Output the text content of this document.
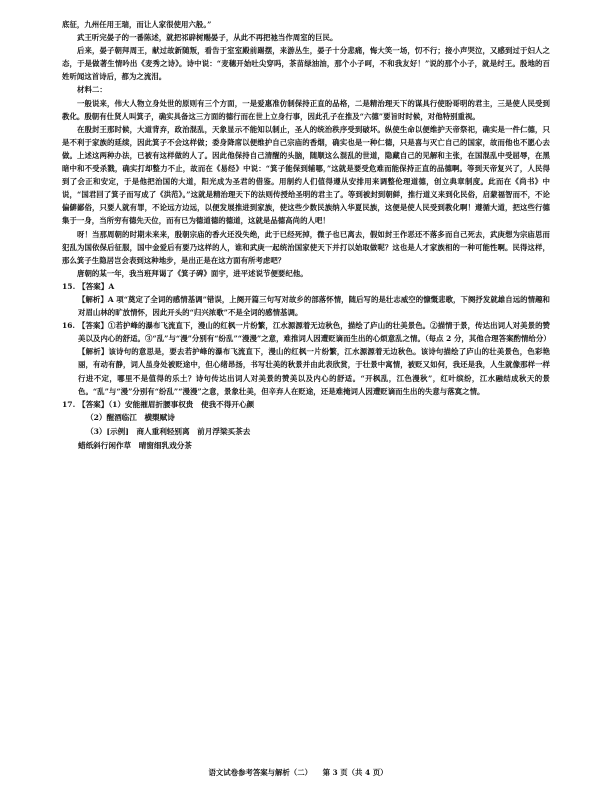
底征，九州任用王瑞，而让人家很使用六般。”

武王听完晏子的一番陈述，就把祁辟树赐晏子，从此不再把祂当作周室的巨民。

后来，晏子朝拜周王，献过故新随叛，看告于室室殿前踢摆，来游丛生，晏子十分悲痛，悔大笑一场，忉不行；接小声哭泣，又感到过于妇人之态，于是做著生情吟出《麦秀之诗》。诗中说：“麦穗开始吐尖穿吗，茶苗绿油油，那个小子呵，不和我友好！”说的那个小子，就是纣王。殷地的百姓听闻这首诗后，都为之流泪。

材料二：

一般说来，伟大人物立身处世的原则有三个方面，一是爱惠准仿制保持正直的品格，二是精治理天下的谋具行使盼哥明的君主，三是使人民受到教化。殷朝有仕贤人叫箕子，确实具备这三方面的德行而在世上立身行事，因此孔子在推及“六德”要旨时时候，对他特别重视。

在殷封王那时候，大道背弃，政治混乱，天象显示不能知以制止，圣人的统治秩序受到破坏。纵使生命以便维护天帝祭祀，确实是一件仁德，只是不利于家族的延续，因此箕子不会这样做；委身降席以便维护自己宗庙的香烟，确实也是一种仁德，只是喜与灭亡自己的国家，故而他也不愿心去做。上述这两种办法，已被有这样做的人了。因此他保持自己清醒的头脑，随顺这么混乱的世道，隐藏自己的见解和主张，在国混乱中受屈辱，在黑暗中和不受杀戮，确实打却整力不止，故而在《易经》中说：“箕子能保到辅哪，”这就是要受危难而能保持正直的品德啊。等到天帝复兴了，人民得到了会正和安定，于是他把治国的大道，阳光成为圣君的借鉴。用制约人们值得遵从安排用来调整伦理道德，创立典章制度。此而在《尚书》中说，“国君回了箕子而写成了《洪范》。”这就是精治理天下的法则传授给圣明的君主了。等到被封到朝鲜，推行道义来到化民俗，启蒙福智而不，不论偏僻鄙俗，只要人就有罪，不论远方边远，以便发展推进到家族，使这些少数民族纳入华夏民族，这便是使人民受到教化啊！遵循大道，把这些行德集于一身，当所穷有德先天位，而有已为德道德的德道，这就是品德高尚的人吧！

呀！当那周朝的时期未来来，殷朝宗庙的香火还没失绝，此于已经死掉，微子也已离去，假如封王作恶还不落多而自己死去，武庚想为宗庙思而犯乱为国依保后征服，国中金爱后有要乃这样的人，谁和武庚一起统治国家使天下并打以始取做呢？这也是人才家族相的一种可能性啊。民得这样，那么箕子生隐居岂会表到这种地步，是出正是在这方面有所考虑吧？

唐朝的某一年，我当班拜谒了《箕子碑》面宇，进平述说节便要纪他。

15. 【答案】A

【解析】A 项“奠定了全词的感情基调”错误，上阕开篇三句写对故乡的部落怀情，随后写的是壮志威空的慷慨悲歌，下阕抒发就雄自远的情趣和对眉山林的旷放情怀，因此开头的“归兴浓歌”不是全词的感情基调。

16. 【答案】①若护峰的瀑布飞流直下，漫山的红枫一片纷繁，江水源源着无边秋色，描绘了庐山的壮美景色。②描情于景，传达出词人对美景的赞美以及内心的舒适。③“乱”与“漫”分别有“纷乱”“漫漫”之意，难推词人因遭贬谪而生出的心烦意乱之情。（每点 2 分，其他合理答案酌情给分）

【解析】该诗句的意思是，要去若护峰的瀑布飞流直下，漫山的红枫一片纷繁，江水源源着无边秋色。该诗句描绘了庐山的壮美景色，色彩艳丽，有动有静，词人虽身处被贬途中，但心绪昂扬，书写壮美的秋景并由此表欣赏，于壮景中寓情，被贬又如何，我还是我，人生就像那样一样行进不定，哪里不是值得的乐土？诗句传达出词人对美景的赞美以及内心的舒适。“开枫乱，江色漫秋”，红叶缤纷，江水融结成秋天的景色。“乱”与“漫”分别有“纷乱”“漫漫”之意，景象壮美，但辛弃人在贬途，还是难掩词人因遭贬谪而生出的失意与落寞之情。

17. 【答案】（1）安能摧眉折腰事权贵　使我不得开心颜

（2）醒酒临江　横槊赋诗

（3）[示例]　商人重利轻别离　前月浮梁买茶去

蜡纸斜行闲作草　晴窗细乳戏分茶

语文试卷参考答案与解析（二） 第 3 页（共 4 页）
